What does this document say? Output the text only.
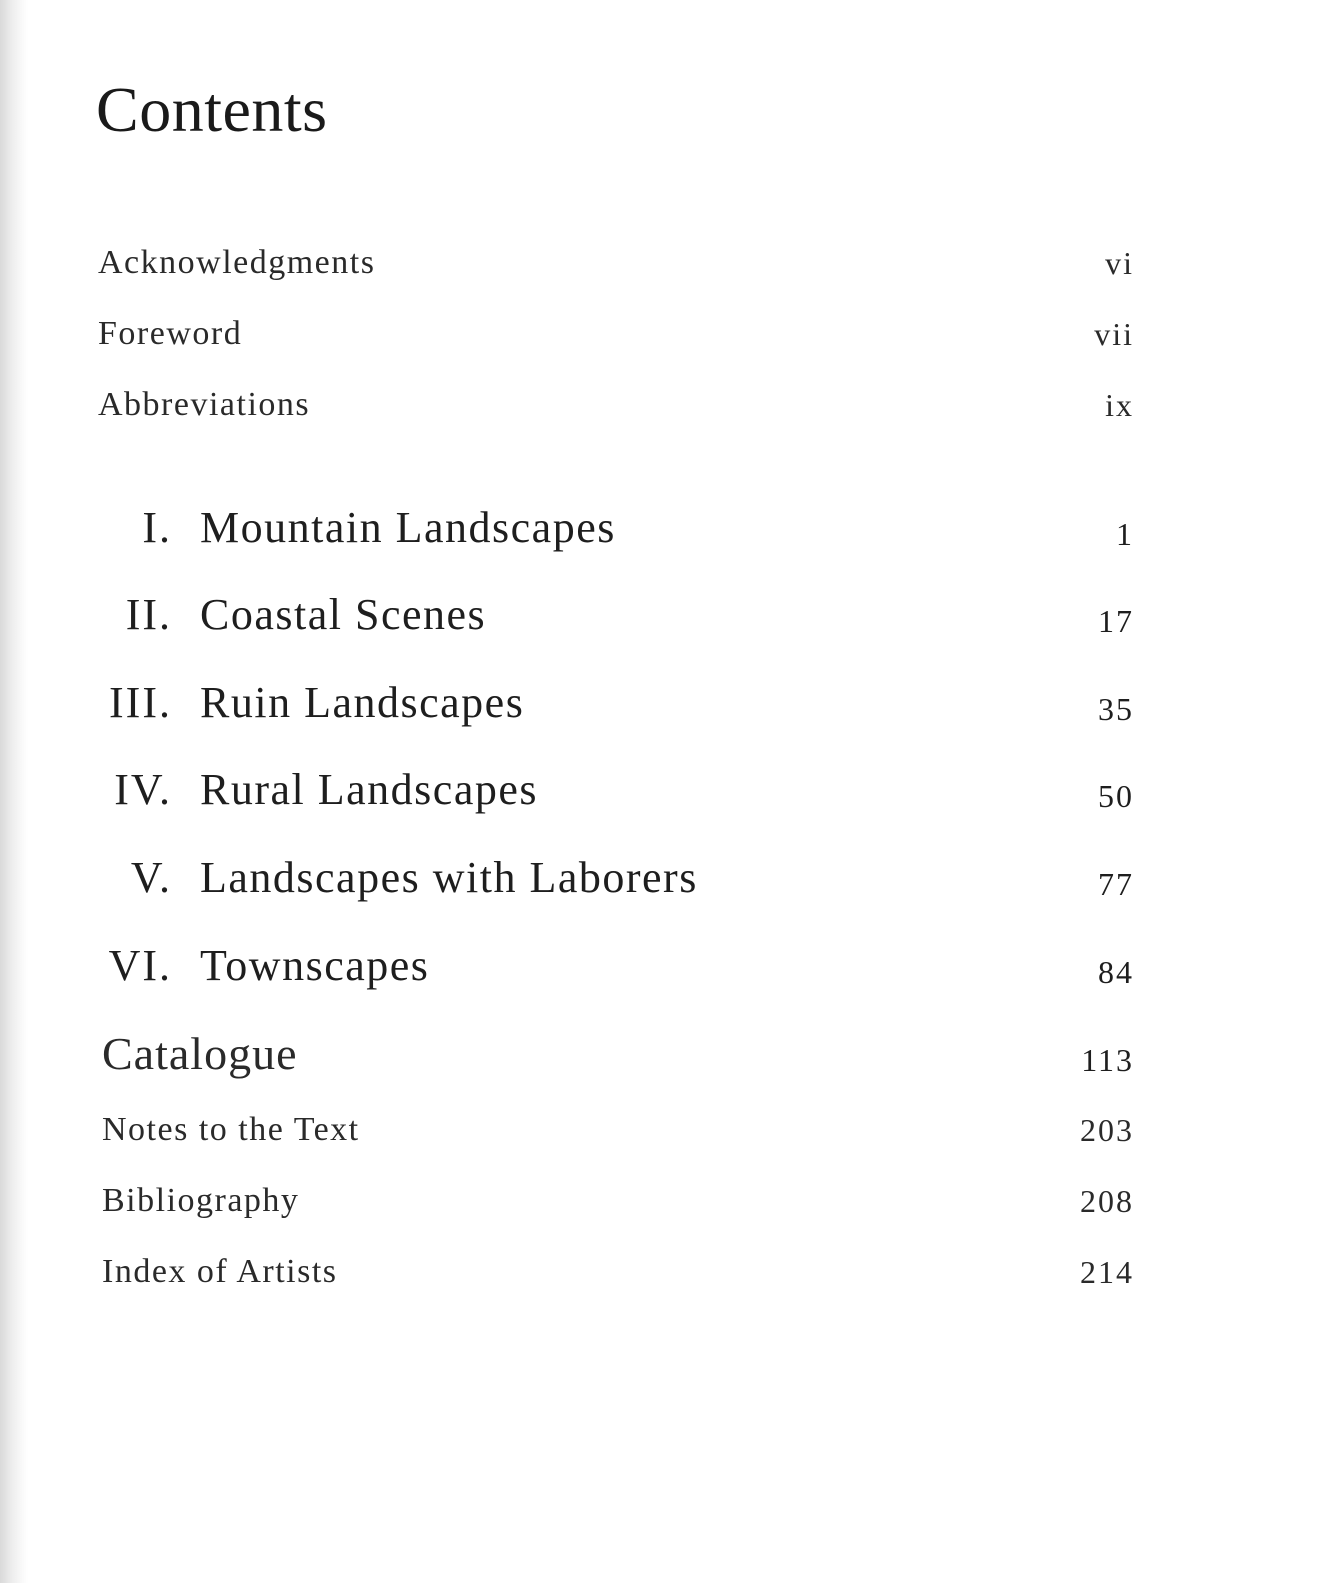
Contents
Acknowledgments	vi
Foreword	vii
Abbreviations	ix
I. Mountain Landscapes	1
II. Coastal Scenes	17
III. Ruin Landscapes	35
IV. Rural Landscapes	50
V. Landscapes with Laborers	77
VI. Townscapes	84
Catalogue	113
Notes to the Text	203
Bibliography	208
Index of Artists	214
